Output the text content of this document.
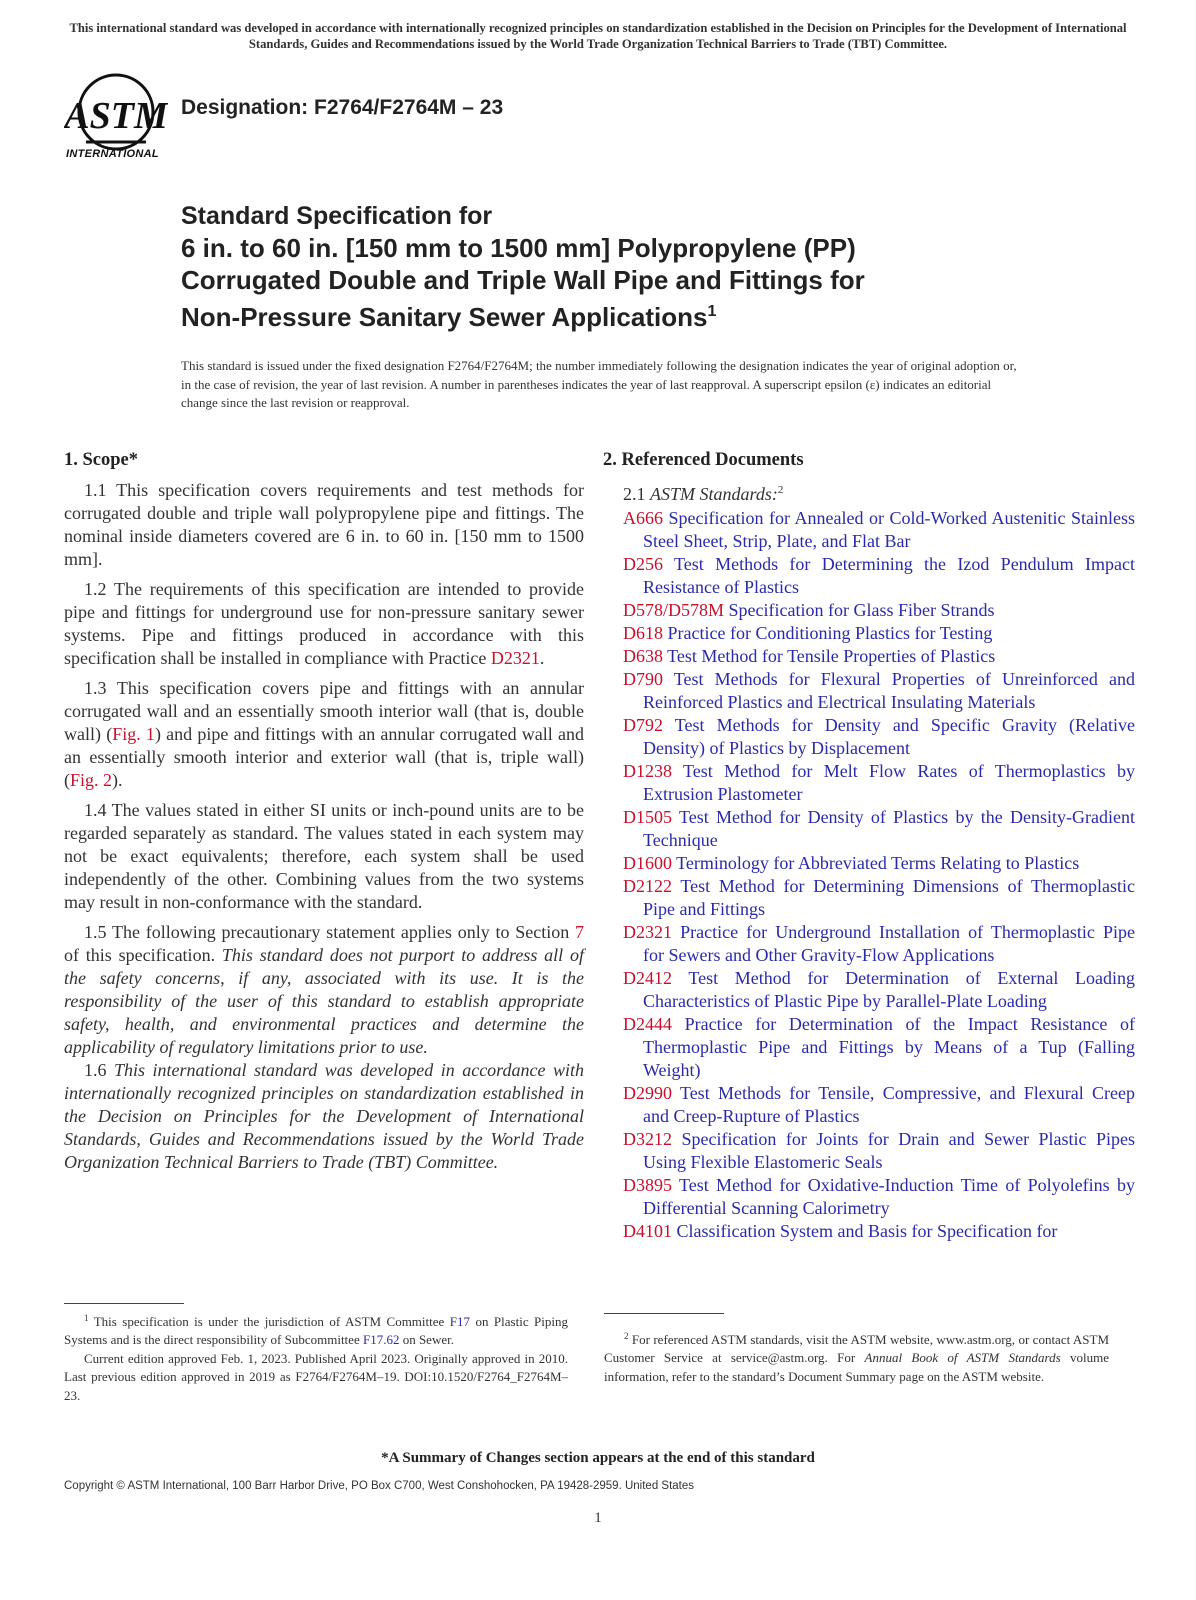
This international standard was developed in accordance with internationally recognized principles on standardization established in the Decision on Principles for the Development of International Standards, Guides and Recommendations issued by the World Trade Organization Technical Barriers to Trade (TBT) Committee.
ASTM
INTERNATIONAL
Designation: F2764/F2764M – 23
Standard Specification for
6 in. to 60 in. [150 mm to 1500 mm] Polypropylene (PP)
Corrugated Double and Triple Wall Pipe and Fittings for
Non-Pressure Sanitary Sewer Applications$^1$
This standard is issued under the fixed designation F2764/F2764M; the number immediately following the designation indicates the year of original adoption or, in the case of revision, the year of last revision. A number in parentheses indicates the year of last reapproval. A superscript epsilon (ε) indicates an editorial change since the last revision or reapproval.
1. Scope*

1.1 This specification covers requirements and test methods for corrugated double and triple wall polypropylene pipe and fittings. The nominal inside diameters covered are 6 in. to 60 in. [150 mm to 1500 mm].

1.2 The requirements of this specification are intended to provide pipe and fittings for underground use for non-pressure sanitary sewer systems. Pipe and fittings produced in accordance with this specification shall be installed in compliance with Practice D2321.

1.3 This specification covers pipe and fittings with an annular corrugated wall and an essentially smooth interior wall (that is, double wall) (Fig. 1) and pipe and fittings with an annular corrugated wall and an essentially smooth interior and exterior wall (that is, triple wall) (Fig. 2).

1.4 The values stated in either SI units or inch-pound units are to be regarded separately as standard. The values stated in each system may not be exact equivalents; therefore, each system shall be used independently of the other. Combining values from the two systems may result in non-conformance with the standard.

1.5 The following precautionary statement applies only to Section 7 of this specification. This standard does not purport to address all of the safety concerns, if any, associated with its use. It is the responsibility of the user of this standard to establish appropriate safety, health, and environmental practices and determine the applicability of regulatory limitations prior to use.

1.6 This international standard was developed in accordance with internationally recognized principles on standardization established in the Decision on Principles for the Development of International Standards, Guides and Recommendations issued by the World Trade Organization Technical Barriers to Trade (TBT) Committee.

2. Referenced Documents
2.1 ASTM Standards:$^2$
A666 Specification for Annealed or Cold-Worked Austenitic Stainless Steel Sheet, Strip, Plate, and Flat Bar
D256 Test Methods for Determining the Izod Pendulum Impact Resistance of Plastics
D578/D578M Specification for Glass Fiber Strands
D618 Practice for Conditioning Plastics for Testing
D638 Test Method for Tensile Properties of Plastics
D790 Test Methods for Flexural Properties of Unreinforced and Reinforced Plastics and Electrical Insulating Materials
D792 Test Methods for Density and Specific Gravity (Relative Density) of Plastics by Displacement
D1238 Test Method for Melt Flow Rates of Thermoplastics by Extrusion Plastometer
D1505 Test Method for Density of Plastics by the Density-Gradient Technique
D1600 Terminology for Abbreviated Terms Relating to Plastics
D2122 Test Method for Determining Dimensions of Thermoplastic Pipe and Fittings
D2321 Practice for Underground Installation of Thermoplastic Pipe for Sewers and Other Gravity-Flow Applications
D2412 Test Method for Determination of External Loading Characteristics of Plastic Pipe by Parallel-Plate Loading
D2444 Practice for Determination of the Impact Resistance of Thermoplastic Pipe and Fittings by Means of a Tup (Falling Weight)
D2990 Test Methods for Tensile, Compressive, and Flexural Creep and Creep-Rupture of Plastics
D3212 Specification for Joints for Drain and Sewer Plastic Pipes Using Flexible Elastomeric Seals
D3895 Test Method for Oxidative-Induction Time of Polyolefins by Differential Scanning Calorimetry
D4101 Classification System and Basis for Specification for
$^1$ This specification is under the jurisdiction of ASTM Committee F17 on Plastic Piping Systems and is the direct responsibility of Subcommittee F17.62 on Sewer.
Current edition approved Feb. 1, 2023. Published April 2023. Originally approved in 2010. Last previous edition approved in 2019 as F2764/F2764M–19. DOI:10.1520/F2764_F2764M–23.
$^2$ For referenced ASTM standards, visit the ASTM website, www.astm.org, or contact ASTM Customer Service at service@astm.org. For Annual Book of ASTM Standards volume information, refer to the standard’s Document Summary page on the ASTM website.
*A Summary of Changes section appears at the end of this standard
Copyright © ASTM International, 100 Barr Harbor Drive, PO Box C700, West Conshohocken, PA 19428-2959. United States
1
